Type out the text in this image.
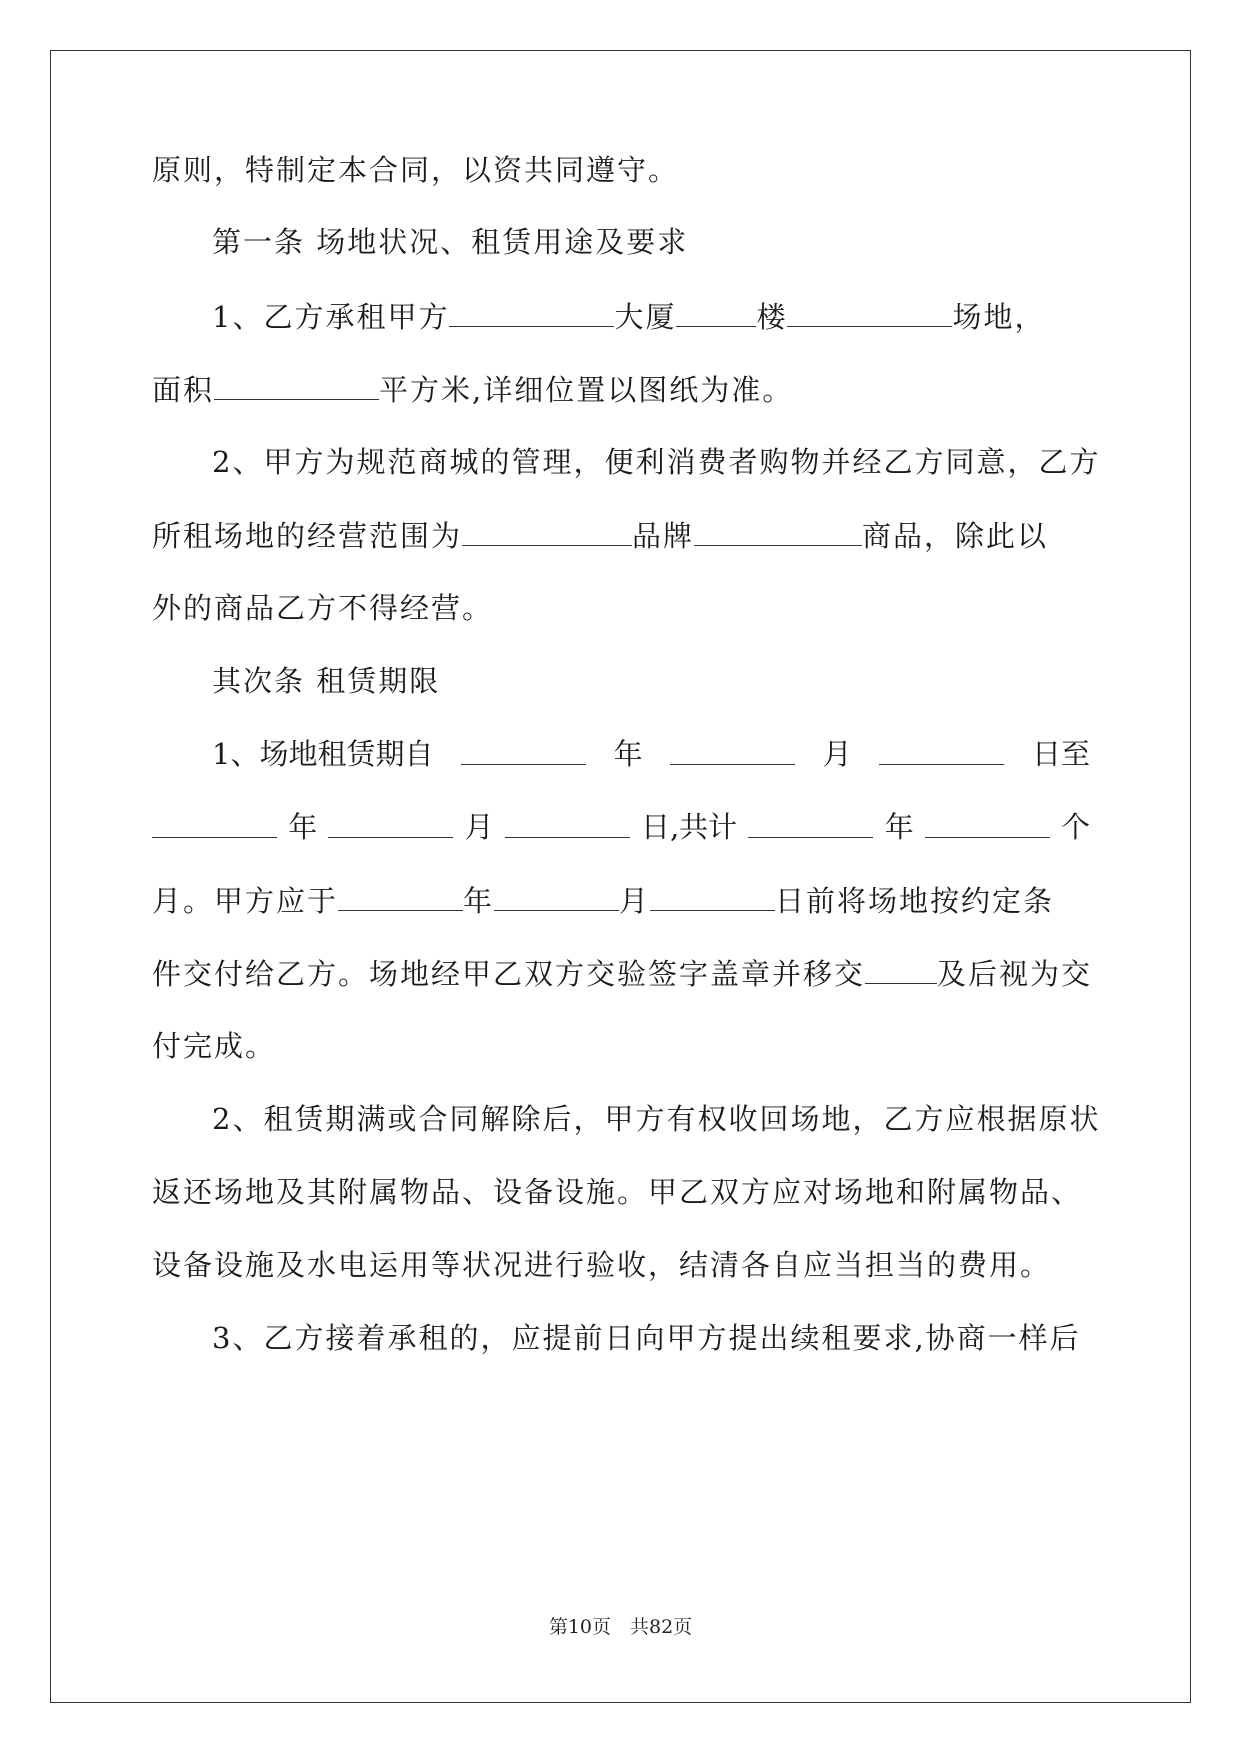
原则，特制定本合同，以资共同遵守。
第一条 场地状况、租赁用途及要求
1、乙方承租甲方	大厦	楼	场地，
面积	平方米,详细位置以图纸为准。
2、甲方为规范商城的管理，便利消费者购物并经乙方同意，乙方
所租场地的经营范围为	品牌	商品，除此以
外的商品乙方不得经营。
其次条 租赁期限
1、场地租赁期自	年	月	日至
年	月	日,共计	年	个
月。甲方应于	年	月	日前将场地按约定条
件交付给乙方。场地经甲乙双方交验签字盖章并移交 及后视为交
付完成。
2、租赁期满或合同解除后，甲方有权收回场地，乙方应根据原状
返还场地及其附属物品、设备设施。甲乙双方应对场地和附属物品、
设备设施及水电运用等状况进行验收，结清各自应当担当的费用。
3、乙方接着承租的，应提前日向甲方提出续租要求,协商一样后
第10页　共82页
